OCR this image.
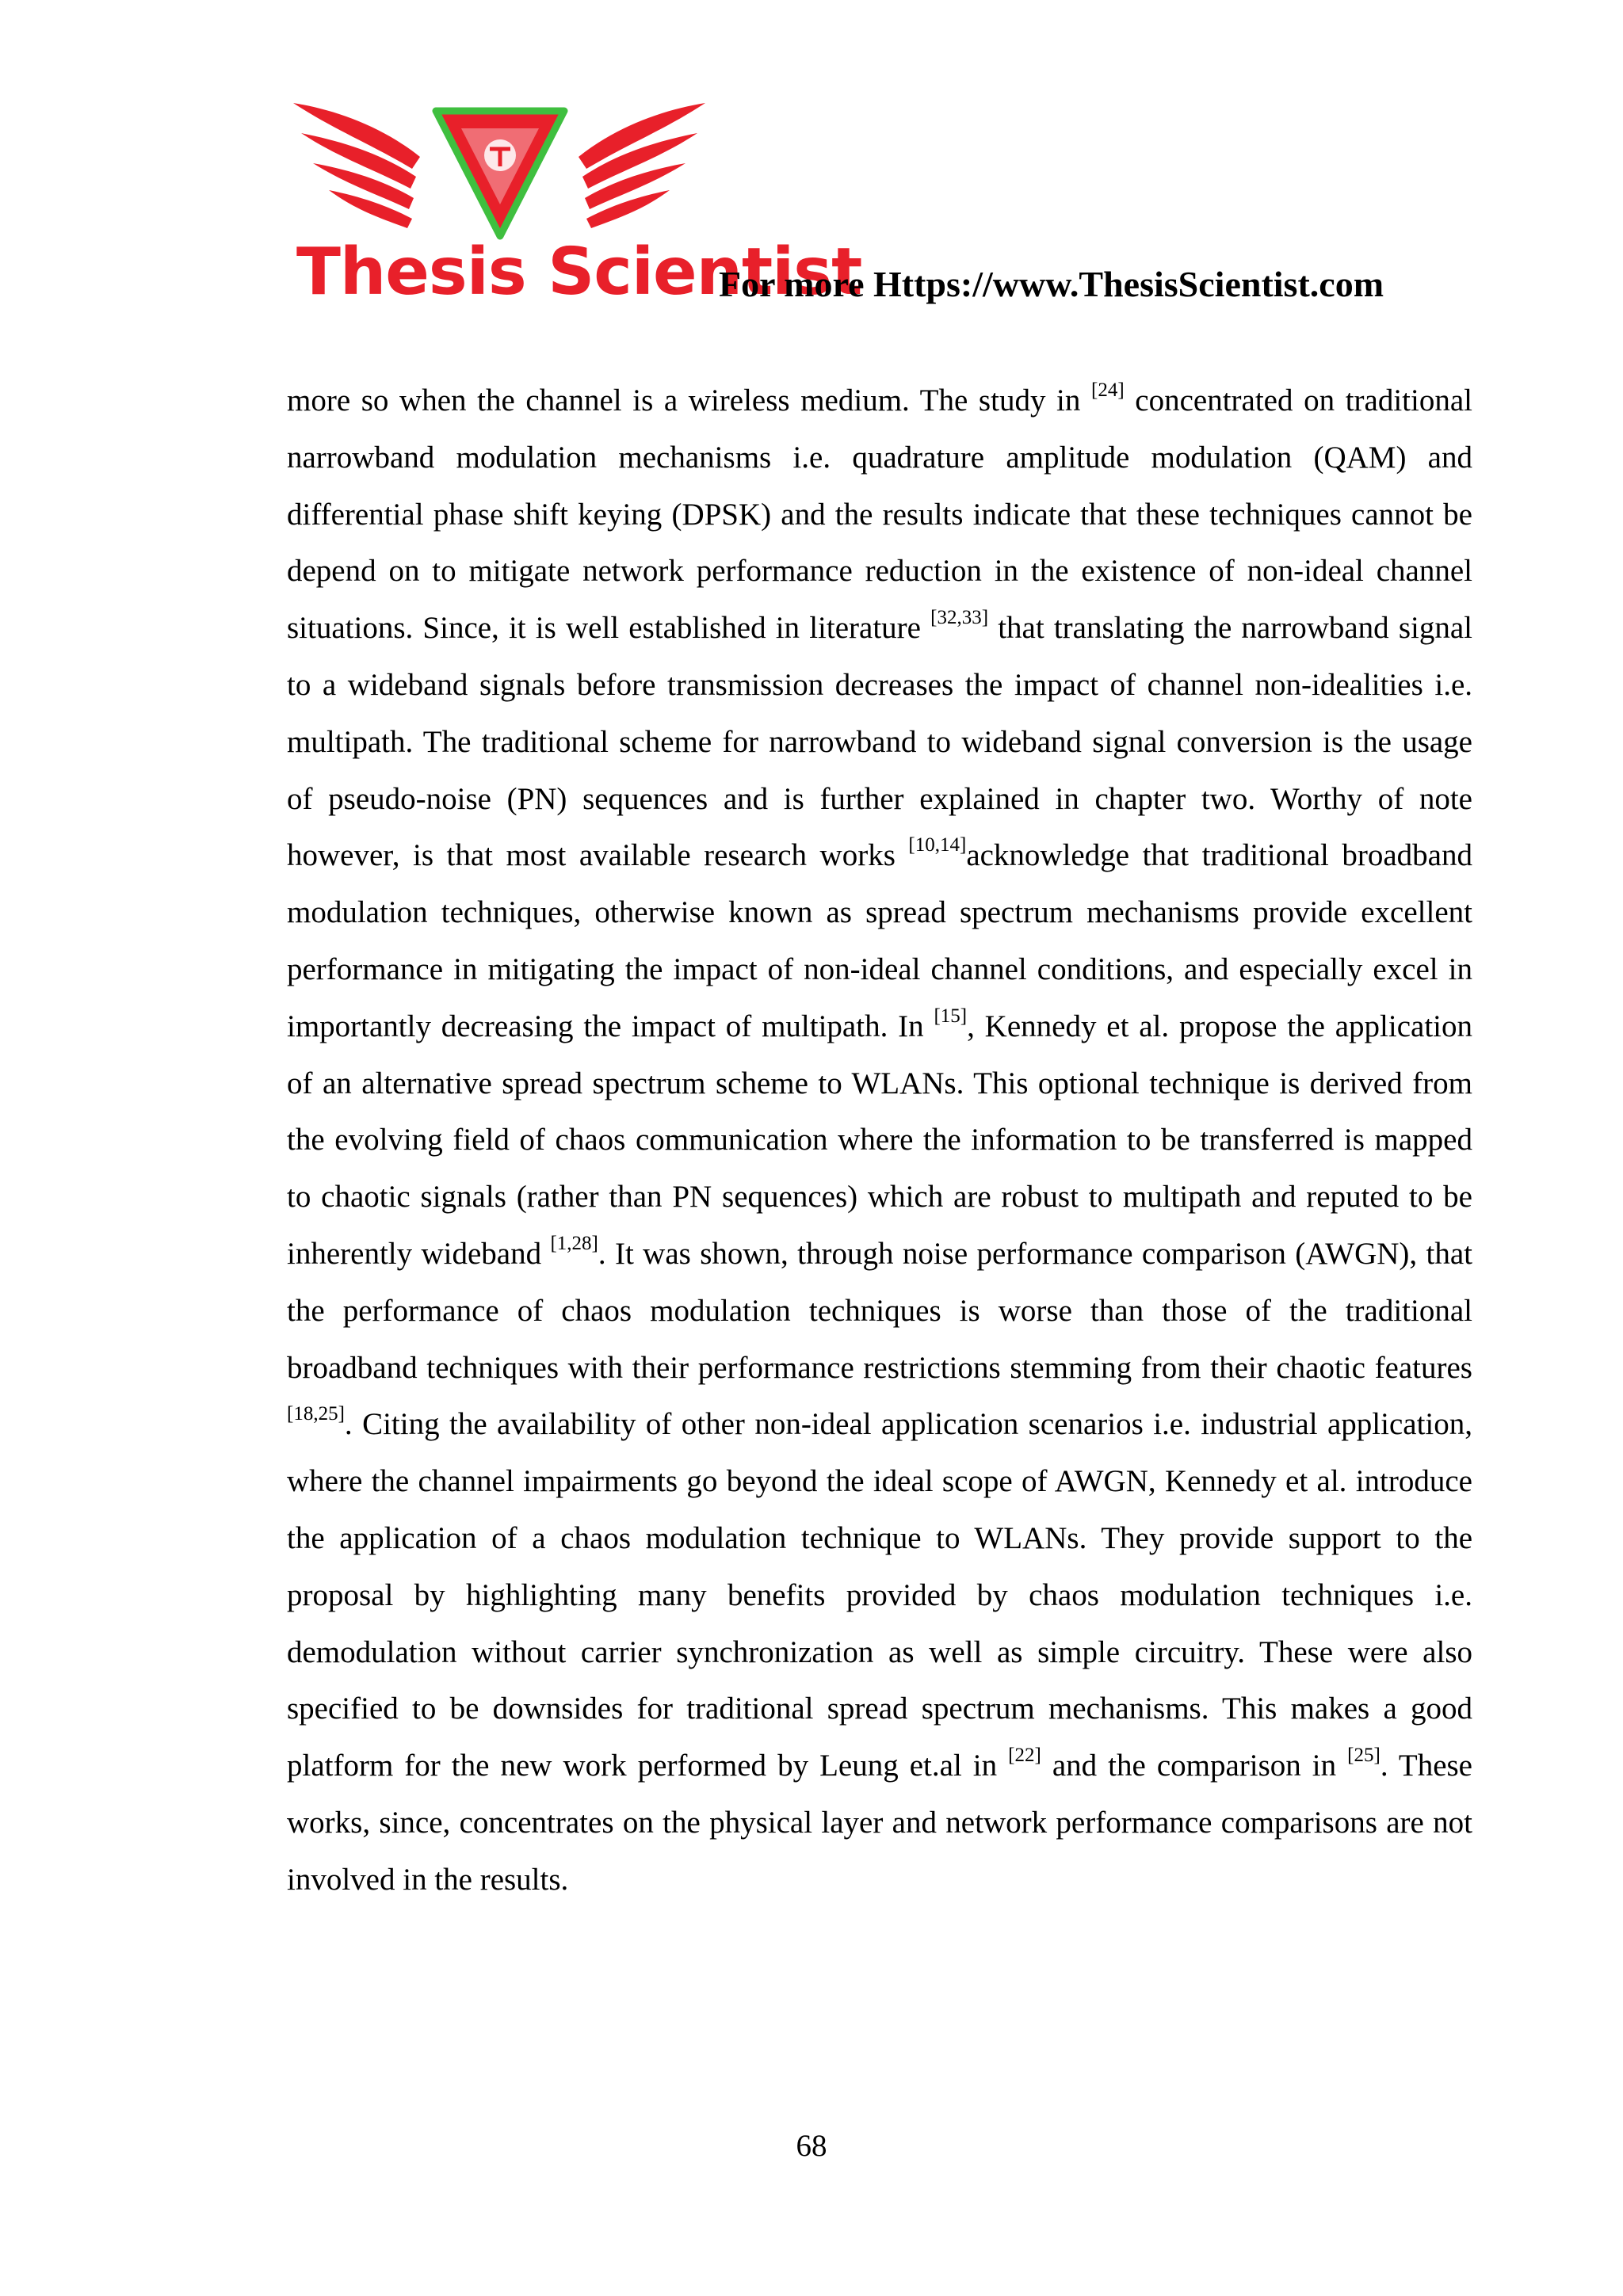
Thesis Scientist
For more Https://www.ThesisScientist.com

more so when the channel is a wireless medium. The study in [24] concentrated on traditional narrowband modulation mechanisms i.e. quadrature amplitude modulation (QAM) and differential phase shift keying (DPSK) and the results indicate that these techniques cannot be depend on to mitigate network performance reduction in the existence of non-ideal channel situations. Since, it is well established in literature [32,33] that translating the narrowband signal to a wideband signals before transmission decreases the impact of channel non-idealities i.e. multipath. The traditional scheme for narrowband to wideband signal conversion is the usage of pseudo-noise (PN) sequences and is further explained in chapter two. Worthy of note however, is that most available research works [10,14]acknowledge that traditional broadband modulation techniques, otherwise known as spread spectrum mechanisms provide excellent performance in mitigating the impact of non-ideal channel conditions, and especially excel in importantly decreasing the impact of multipath. In [15], Kennedy et al. propose the application of an alternative spread spectrum scheme to WLANs. This optional technique is derived from the evolving field of chaos communication where the information to be transferred is mapped to chaotic signals (rather than PN sequences) which are robust to multipath and reputed to be inherently wideband [1,28]. It was shown, through noise performance comparison (AWGN), that the performance of chaos modulation techniques is worse than those of the traditional broadband techniques with their performance restrictions stemming from their chaotic features [18,25]. Citing the availability of other non-ideal application scenarios i.e. industrial application, where the channel impairments go beyond the ideal scope of AWGN, Kennedy et al. introduce the application of a chaos modulation technique to WLANs. They provide support to the proposal by highlighting many benefits provided by chaos modulation techniques i.e. demodulation without carrier synchronization as well as simple circuitry. These were also specified to be downsides for traditional spread spectrum mechanisms. This makes a good platform for the new work performed by Leung et.al in [22] and the comparison in [25]. These works, since, concentrates on the physical layer and network performance comparisons are not involved in the results.

68
